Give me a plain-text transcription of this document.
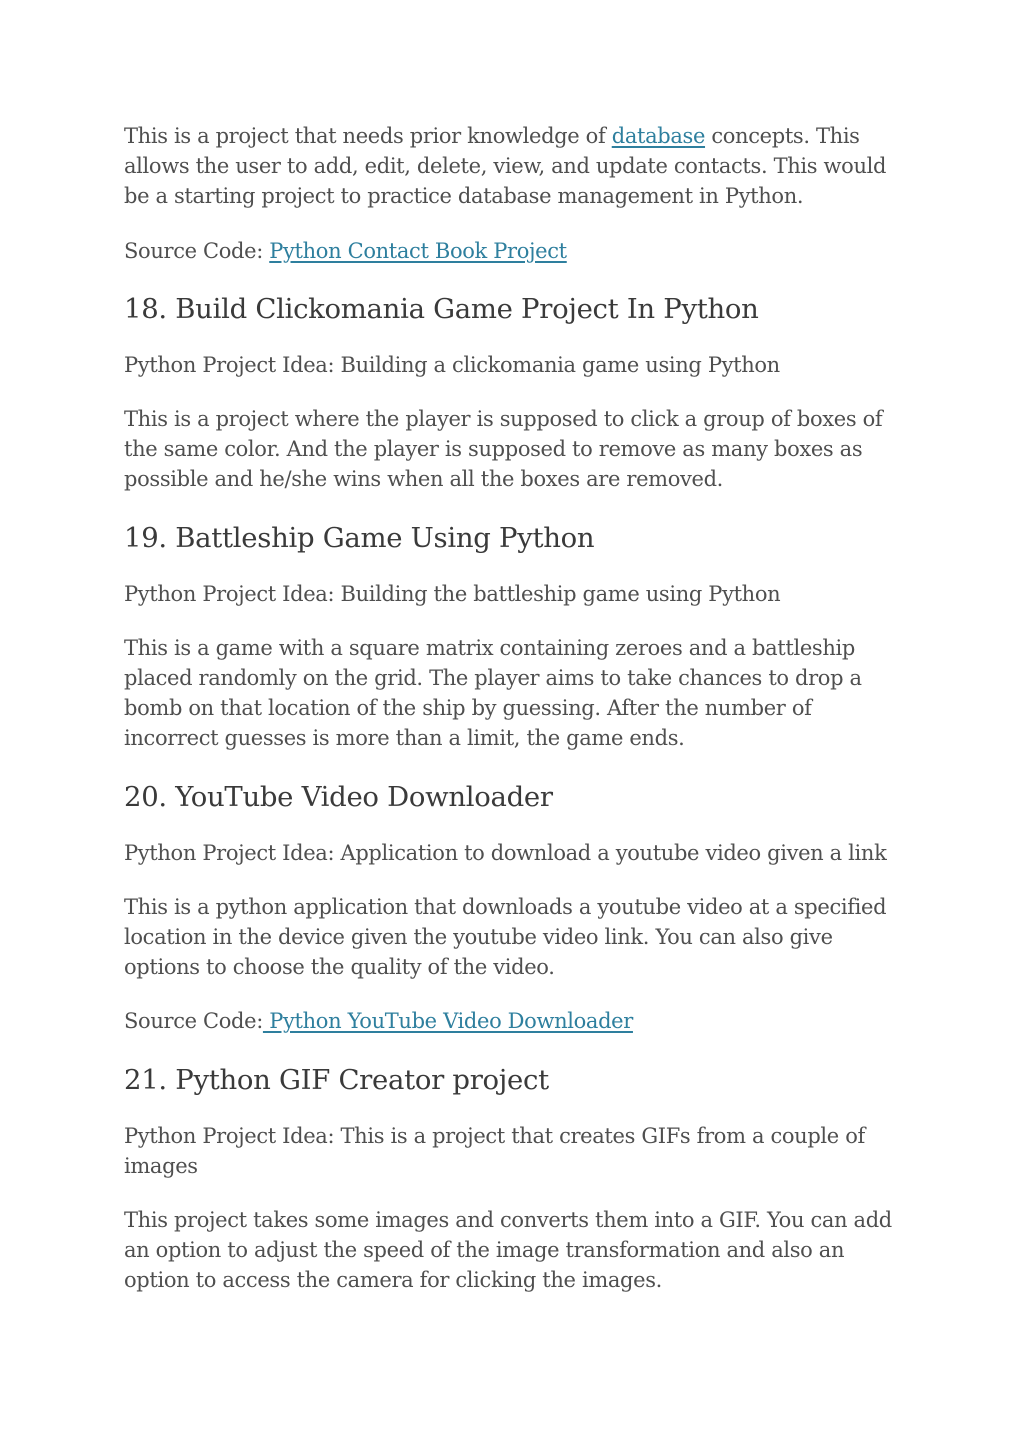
This is a project that needs prior knowledge of database concepts. This allows the user to add, edit, delete, view, and update contacts. This would be a starting project to practice database management in Python.

Source Code: Python Contact Book Project

18. Build Clickomania Game Project In Python

Python Project Idea: Building a clickomania game using Python

This is a project where the player is supposed to click a group of boxes of the same color. And the player is supposed to remove as many boxes as possible and he/she wins when all the boxes are removed.

19. Battleship Game Using Python

Python Project Idea: Building the battleship game using Python

This is a game with a square matrix containing zeroes and a battleship placed randomly on the grid. The player aims to take chances to drop a bomb on that location of the ship by guessing. After the number of incorrect guesses is more than a limit, the game ends.

20. YouTube Video Downloader

Python Project Idea: Application to download a youtube video given a link

This is a python application that downloads a youtube video at a specified location in the device given the youtube video link. You can also give options to choose the quality of the video.

Source Code: Python YouTube Video Downloader

21. Python GIF Creator project

Python Project Idea: This is a project that creates GIFs from a couple of images

This project takes some images and converts them into a GIF. You can add an option to adjust the speed of the image transformation and also an option to access the camera for clicking the images.
